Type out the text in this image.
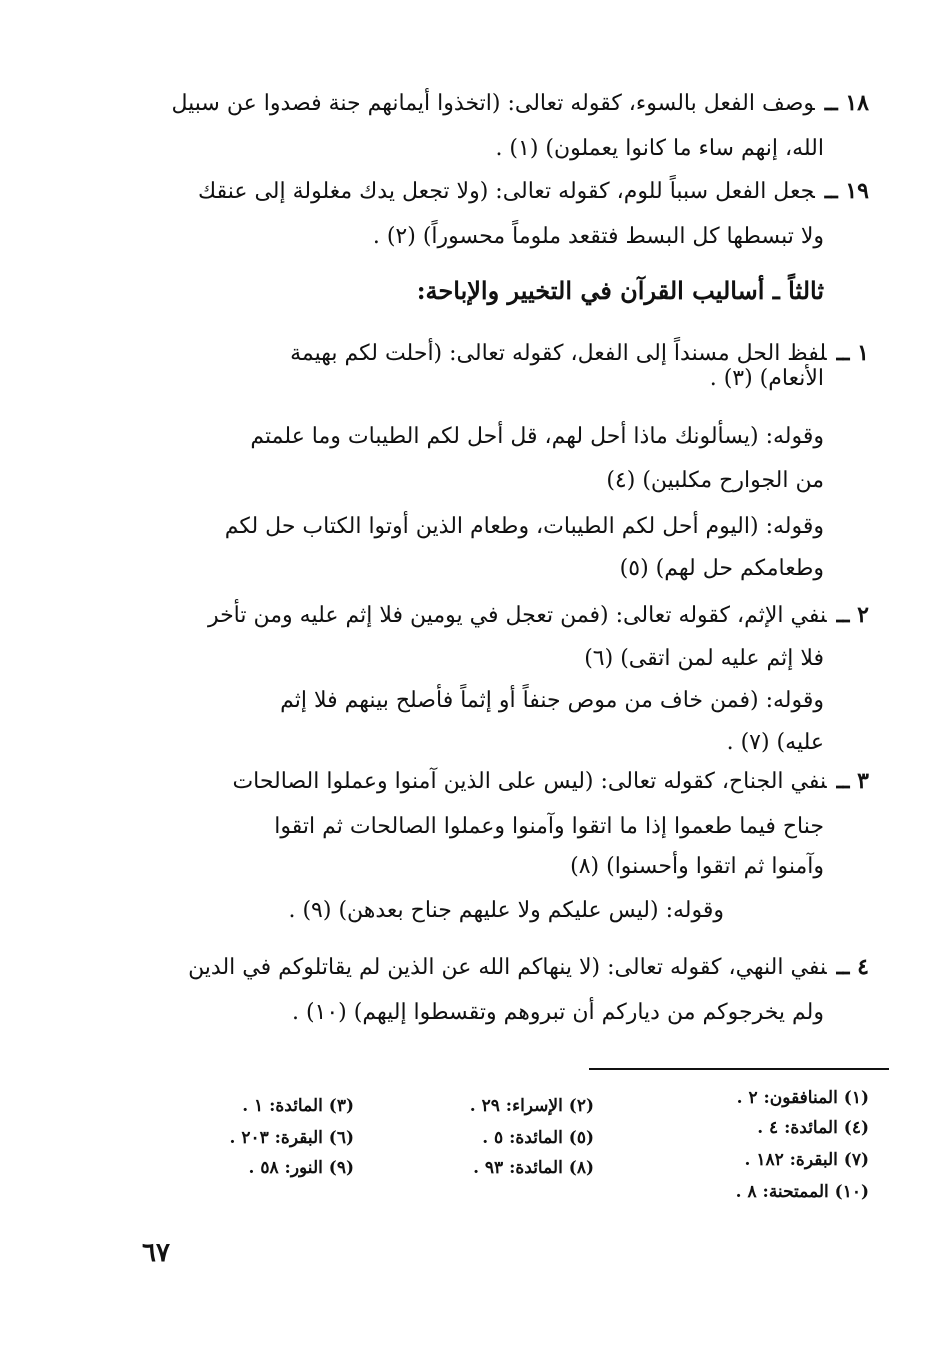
١٨ ــوصف الفعل بالسوء، كقوله تعالى: (اتخذوا أيمانهم جنة فصدوا عن سبيل
الله، إنهم ساء ما كانوا يعملون) (١) .
١٩ ــجعل الفعل سبباً للوم، كقوله تعالى: (ولا تجعل يدك مغلولة إلى عنقك
ولا تبسطها كل البسط فتقعد ملوماً محسوراً) (٢) .
ثالثاً ـ أساليب القرآن في التخيير والإباحة:
١ ــلفظ الحل مسنداً إلى الفعل، كقوله تعالى: (أحلت لكم بهيمة
الأنعام) (٣) .
وقوله: (يسألونك ماذا أحل لهم، قل أحل لكم الطيبات وما علمتم
من الجوارح مكلبين) (٤)
وقوله: (اليوم أحل لكم الطيبات، وطعام الذين أوتوا الكتاب حل لكم
وطعامكم حل لهم) (٥)
٢ ــنفي الإثم، كقوله تعالى: (فمن تعجل في يومين فلا إثم عليه ومن تأخر
فلا إثم عليه لمن اتقى) (٦)
وقوله: (فمن خاف من موص جنفاً أو إثماً فأصلح بينهم فلا إثم
عليه) (٧) .
٣ ــنفي الجناح، كقوله تعالى: (ليس على الذين آمنوا وعملوا الصالحات
جناح فيما طعموا إذا ما اتقوا وآمنوا وعملوا الصالحات ثم اتقوا
وآمنوا ثم اتقوا وأحسنوا) (٨)
وقوله: (ليس عليكم ولا عليهم جناح بعدهن) (٩) .
٤ ــنفي النهي، كقوله تعالى: (لا ينهاكم الله عن الذين لم يقاتلوكم في الدين
ولم يخرجوكم من دياركم أن تبروهم وتقسطوا إليهم) (١٠) .
(١) المنافقون: ٢ .
(٤) المائدة: ٤ .
(٧) البقرة: ١٨٢ .
(١٠) الممتحنة: ٨ .
(٢) الإسراء: ٢٩ .
(٥) المائدة: ٥ .
(٨) المائدة: ٩٣ .
(٣) المائدة: ١ .
(٦) البقرة: ٢٠٣ .
(٩) النور: ٥٨ .
٦٧
